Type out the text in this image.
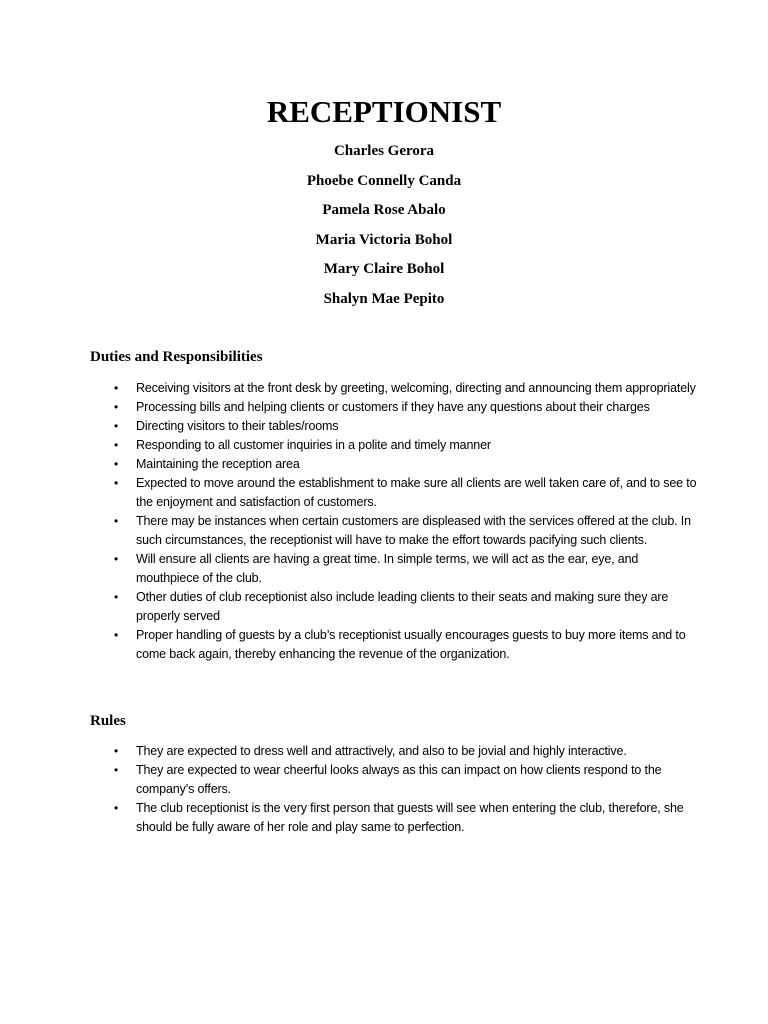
RECEPTIONIST
Charles Gerora
Phoebe Connelly Canda
Pamela Rose Abalo
Maria Victoria Bohol
Mary Claire Bohol
Shalyn Mae Pepito
Duties and Responsibilities
• Receiving visitors at the front desk by greeting, welcoming, directing and announcing them appropriately
• Processing bills and helping clients or customers if they have any questions about their charges
• Directing visitors to their tables/rooms
• Responding to all customer inquiries in a polite and timely manner
• Maintaining the reception area
• Expected to move around the establishment to make sure all clients are well taken care of, and to see to the enjoyment and satisfaction of customers.
• There may be instances when certain customers are displeased with the services offered at the club. In such circumstances, the receptionist will have to make the effort towards pacifying such clients.
• Will ensure all clients are having a great time. In simple terms, we will act as the ear, eye, and mouthpiece of the club.
• Other duties of club receptionist also include leading clients to their seats and making sure they are properly served
• Proper handling of guests by a club’s receptionist usually encourages guests to buy more items and to come back again, thereby enhancing the revenue of the organization.
Rules
• They are expected to dress well and attractively, and also to be jovial and highly interactive.
• They are expected to wear cheerful looks always as this can impact on how clients respond to the company’s offers.
• The club receptionist is the very first person that guests will see when entering the club, therefore, she should be fully aware of her role and play same to perfection.
